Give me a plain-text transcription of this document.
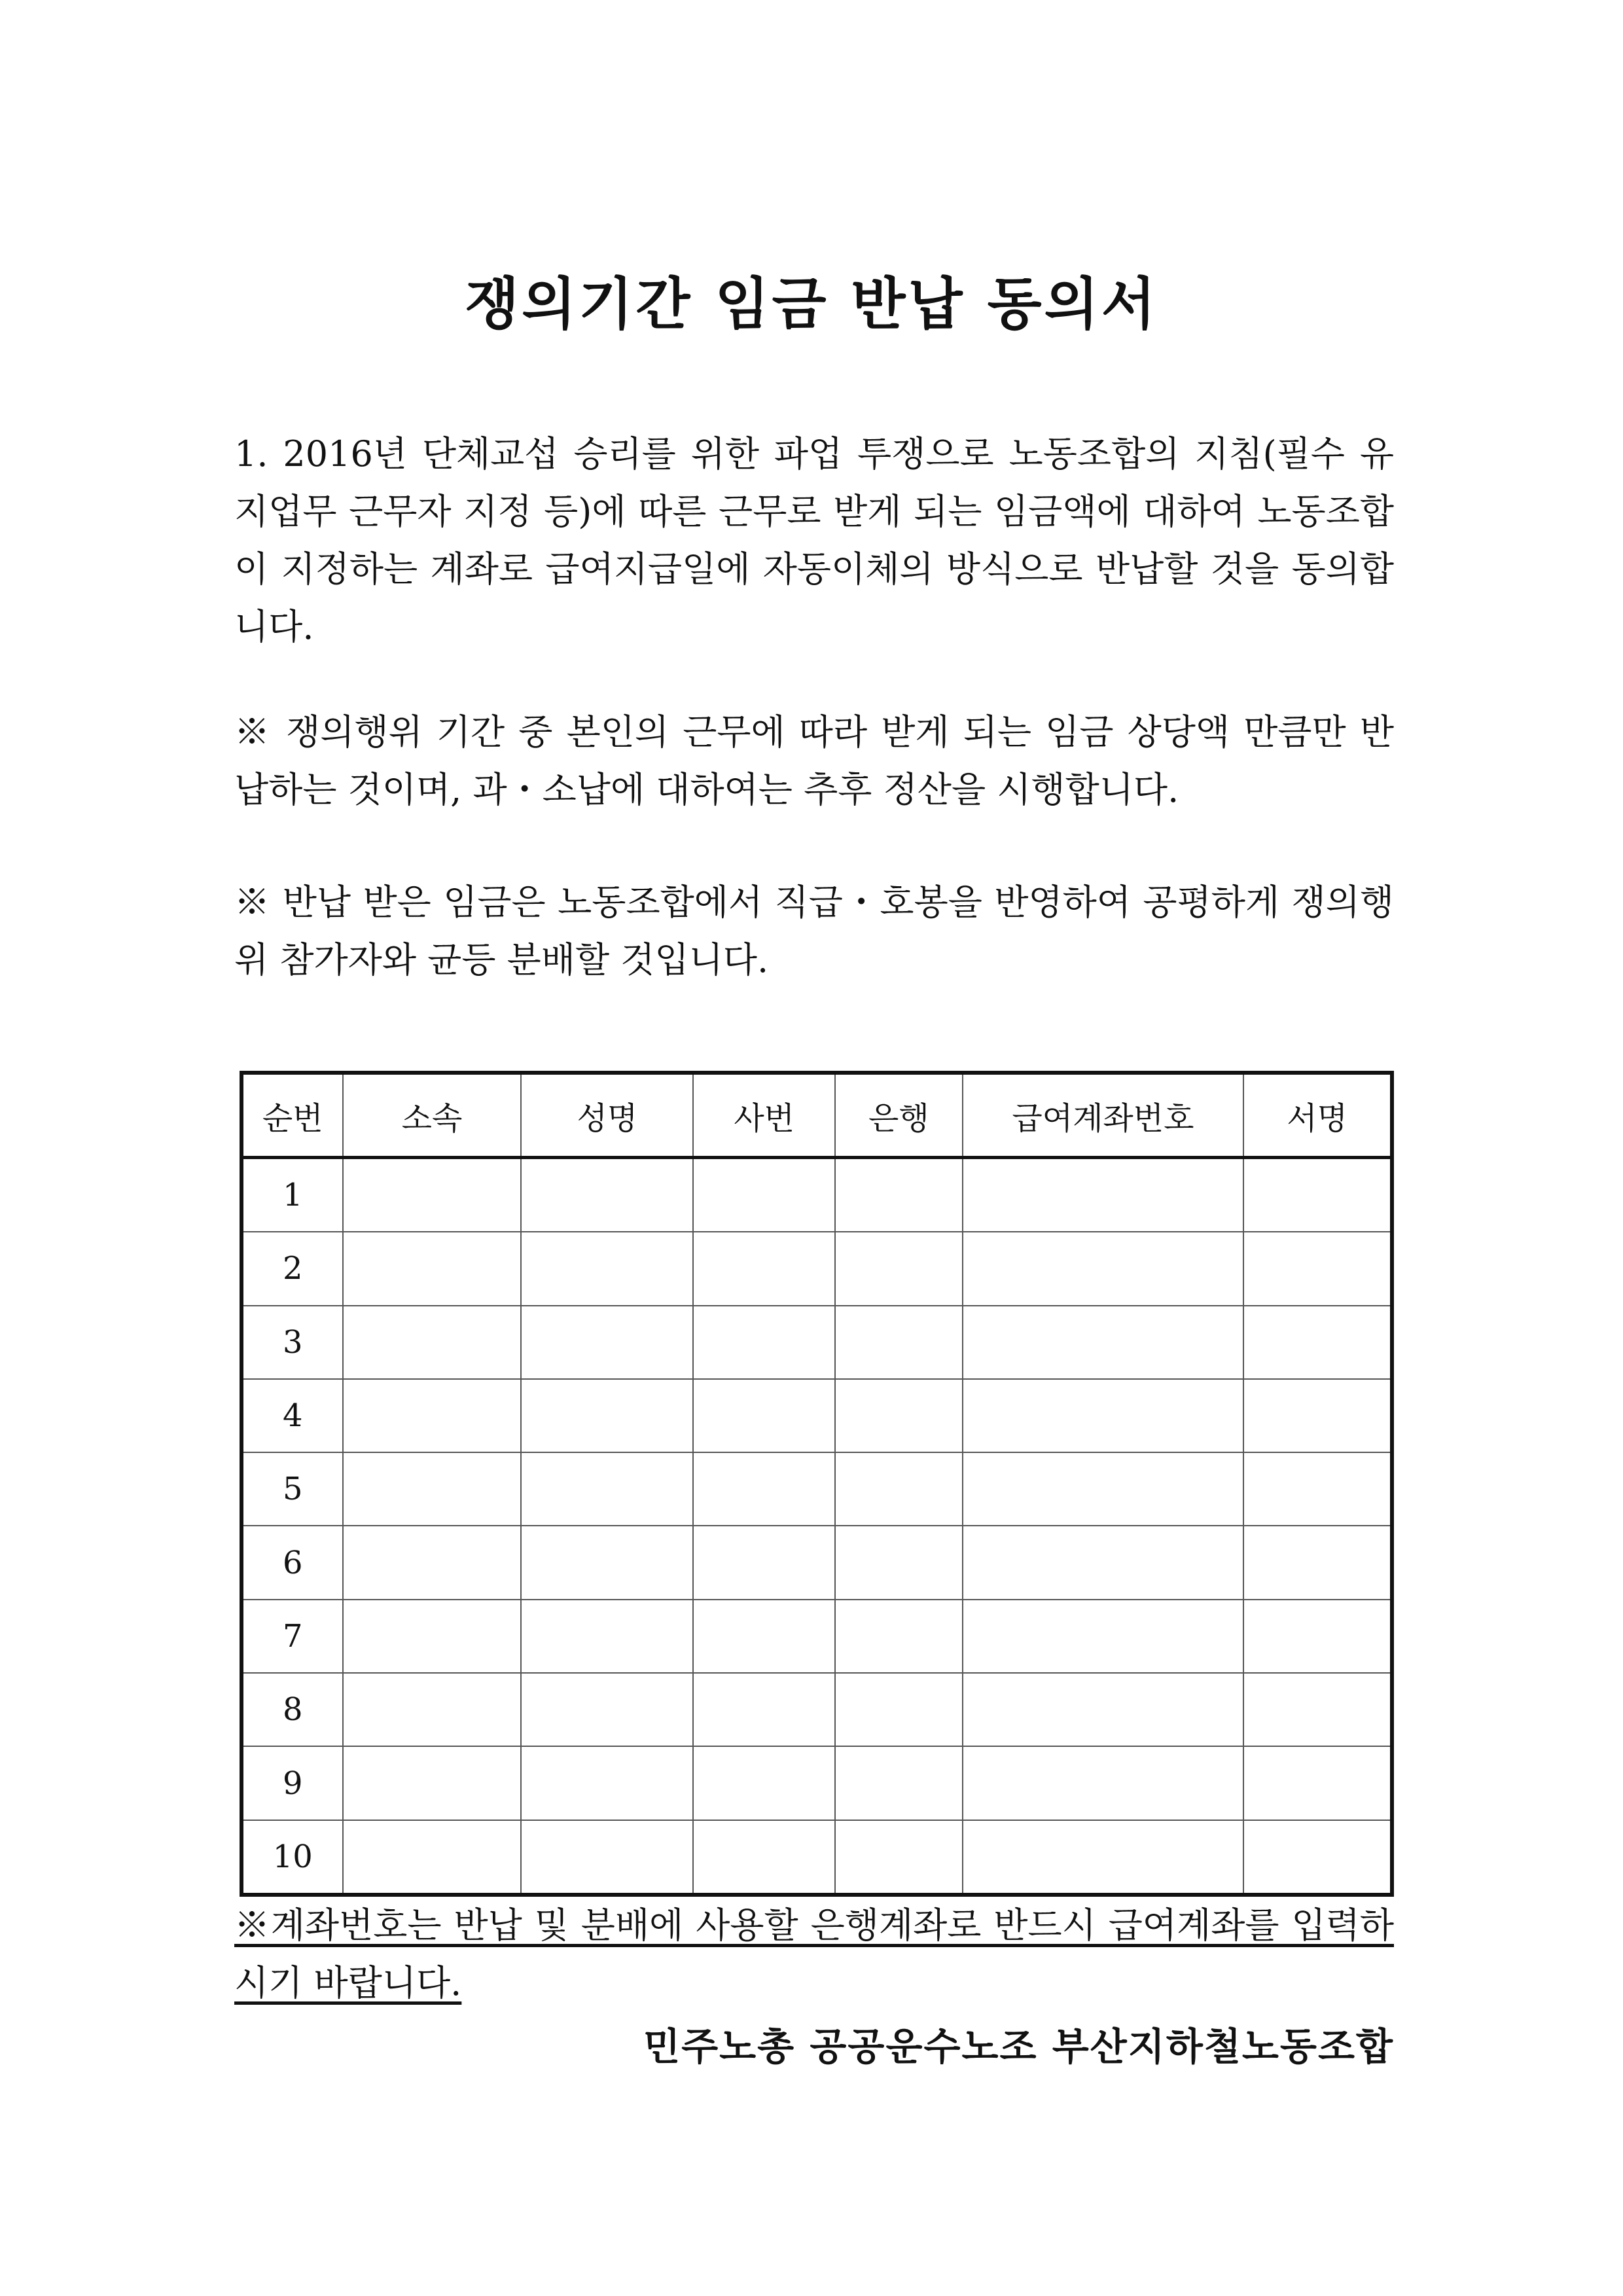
쟁의기간 임금 반납 동의서
1. 2016년 단체교섭 승리를 위한 파업 투쟁으로 노동조합의 지침(필수 유지업무 근무자 지정 등)에 따른 근무로 받게 되는 임금액에 대하여 노동조합이 지정하는 계좌로 급여지급일에 자동이체의 방식으로 반납할 것을 동의합니다.
※ 쟁의행위 기간 중 본인의 근무에 따라 받게 되는 임금 상당액 만큼만 반납하는 것이며, 과・소납에 대하여는 추후 정산을 시행합니다.
※ 반납 받은 임금은 노동조합에서 직급・호봉을 반영하여 공평하게 쟁의행위 참가자와 균등 분배할 것입니다.
순번	소속	성명	사번	은행	급여계좌번호	서명
1						
2						
3						
4						
5						
6						
7						
8						
9						
10						
※계좌번호는 반납 및 분배에 사용할 은행계좌로 반드시 급여계좌를 입력하시기 바랍니다.
민주노총 공공운수노조 부산지하철노동조합
